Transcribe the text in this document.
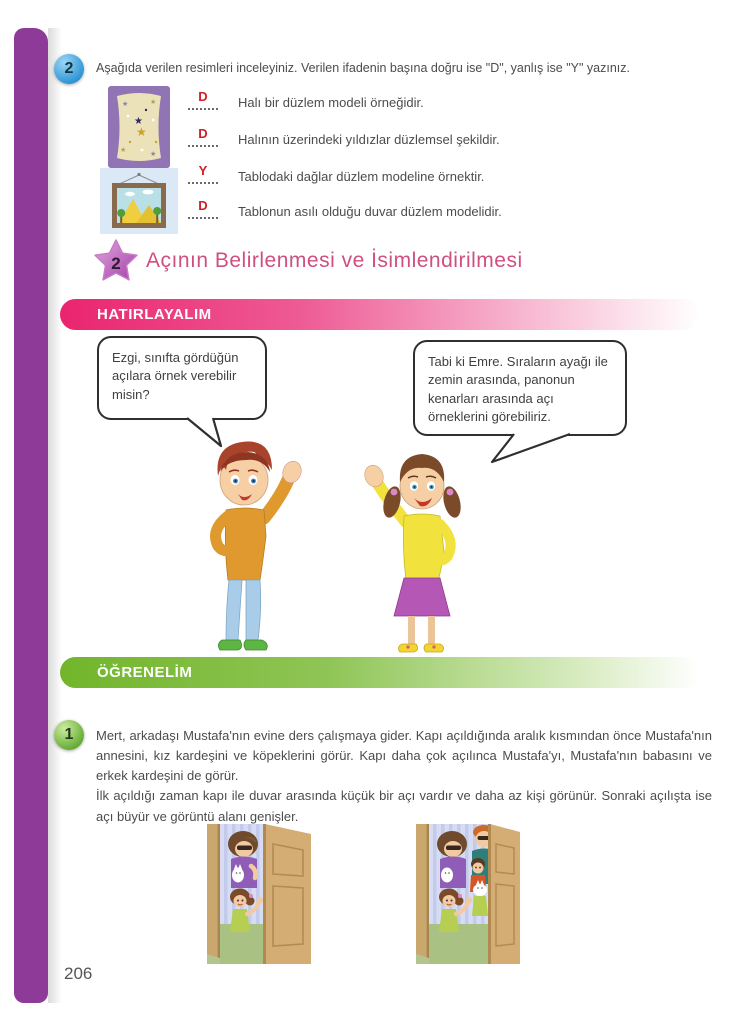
2 Aşağıda verilen resimleri inceleyiniz. Verilen ifadenin başına doğru ise "D", yanlış ise "Y" yazınız.
★
★
★	★
★
★
D Halı bir düzlem modeli örneğidir.
D Halının üzerindeki yıldızlar düzlemsel şekildir.
Y Tablodaki dağlar düzlem modeline örnektir.
D Tablonun asılı olduğu duvar düzlem modelidir.
2 Açının Belirlenmesi ve İsimlendirilmesi
HATIRLAYALIM
Ezgi, sınıfta gördüğün açılara örnek verebilir misin?
Tabi ki Emre. Sıraların ayağı ile zemin arasında, panonun kenarları arasında açı örneklerini görebiliriz.
ÖĞRENELİM
1 Mert, arkadaşı Mustafa'nın evine ders çalışmaya gider. Kapı açıldığında aralık kısmından önce Mustafa'nın annesini, kız kardeşini ve köpeklerini görür. Kapı daha çok açılınca Mustafa'yı, Mustafa'nın babasını ve erkek kardeşini de görür.

İlk açıldığı zaman kapı ile duvar arasında küçük bir açı vardır ve daha az kişi görünür. Sonraki açılışta ise açı büyür ve görüntü alanı genişler.

206
